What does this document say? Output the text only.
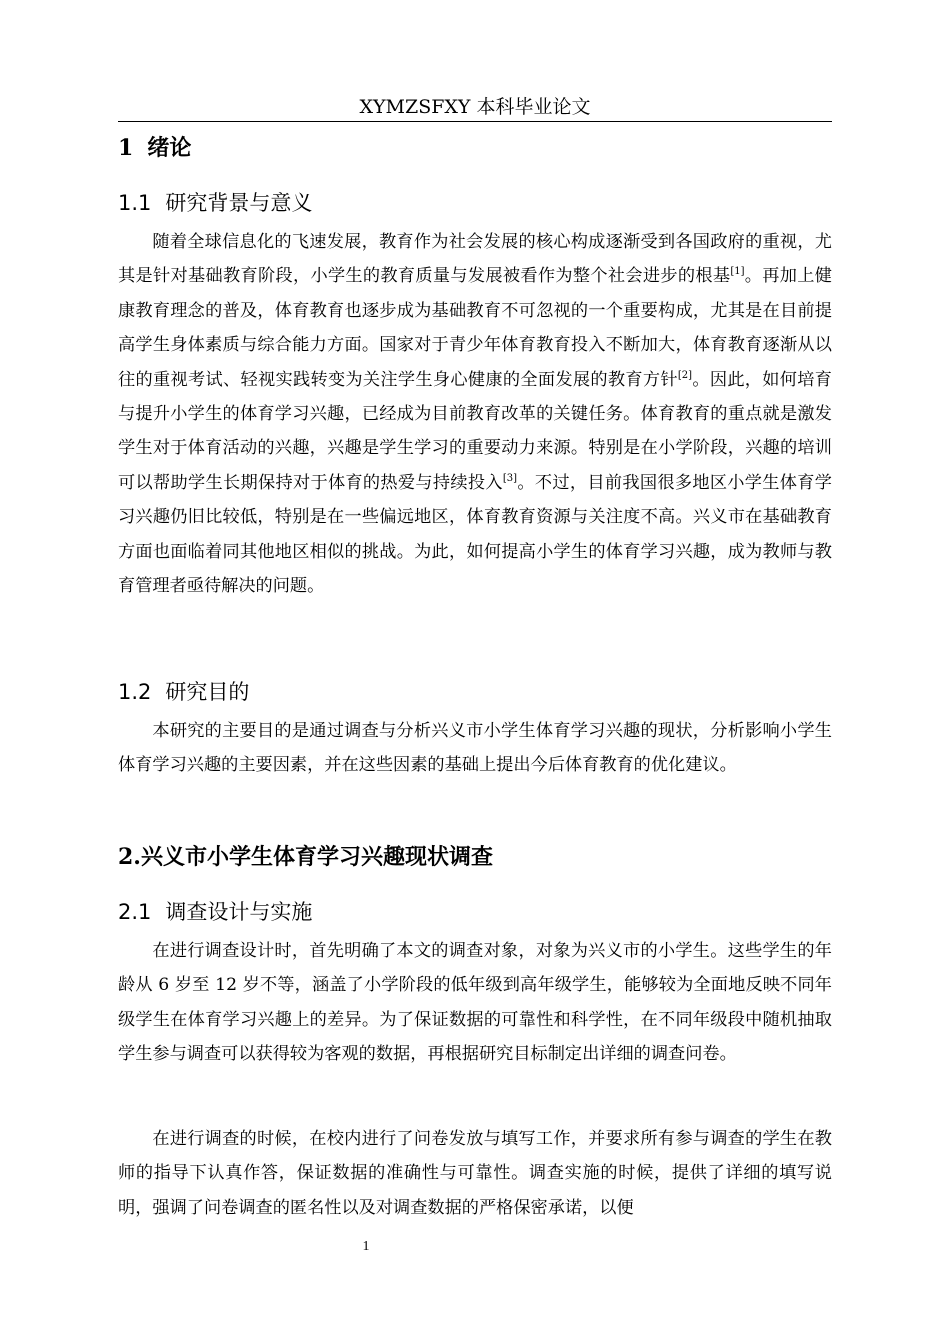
XYMZSFXY 本科毕业论文
1 绪论
1.1 研究背景与意义

随着全球信息化的飞速发展，教育作为社会发展的核心构成逐渐受到各国政府的重视，尤其是针对基础教育阶段，小学生的教育质量与发展被看作为整个社会进步的根基[1]。再加上健康教育理念的普及，体育教育也逐步成为基础教育不可忽视的一个重要构成，尤其是在目前提高学生身体素质与综合能力方面。国家对于青少年体育教育投入不断加大，体育教育逐渐从以往的重视考试、轻视实践转变为关注学生身心健康的全面发展的教育方针[2]。因此，如何培育与提升小学生的体育学习兴趣，已经成为目前教育改革的关键任务。体育教育的重点就是激发学生对于体育活动的兴趣，兴趣是学生学习的重要动力来源。特别是在小学阶段，兴趣的培训可以帮助学生长期保持对于体育的热爱与持续投入[3]。不过，目前我国很多地区小学生体育学习兴趣仍旧比较低，特别是在一些偏远地区，体育教育资源与关注度不高。兴义市在基础教育方面也面临着同其他地区相似的挑战。为此，如何提高小学生的体育学习兴趣，成为教师与教育管理者亟待解决的问题。

1.2 研究目的

本研究的主要目的是通过调查与分析兴义市小学生体育学习兴趣的现状，分析影响小学生体育学习兴趣的主要因素，并在这些因素的基础上提出今后体育教育的优化建议。

2.兴义市小学生体育学习兴趣现状调查
2.1 调查设计与实施

在进行调查设计时，首先明确了本文的调查对象，对象为兴义市的小学生。这些学生的年龄从 6 岁至 12 岁不等，涵盖了小学阶段的低年级到高年级学生，能够较为全面地反映不同年级学生在体育学习兴趣上的差异。为了保证数据的可靠性和科学性，在不同年级段中随机抽取学生参与调查可以获得较为客观的数据，再根据研究目标制定出详细的调查问卷。

在进行调查的时候，在校内进行了问卷发放与填写工作，并要求所有参与调查的学生在教师的指导下认真作答，保证数据的准确性与可靠性。调查实施的时候，提供了详细的填写说明，强调了问卷调查的匿名性以及对调查数据的严格保密承诺，以便

1
